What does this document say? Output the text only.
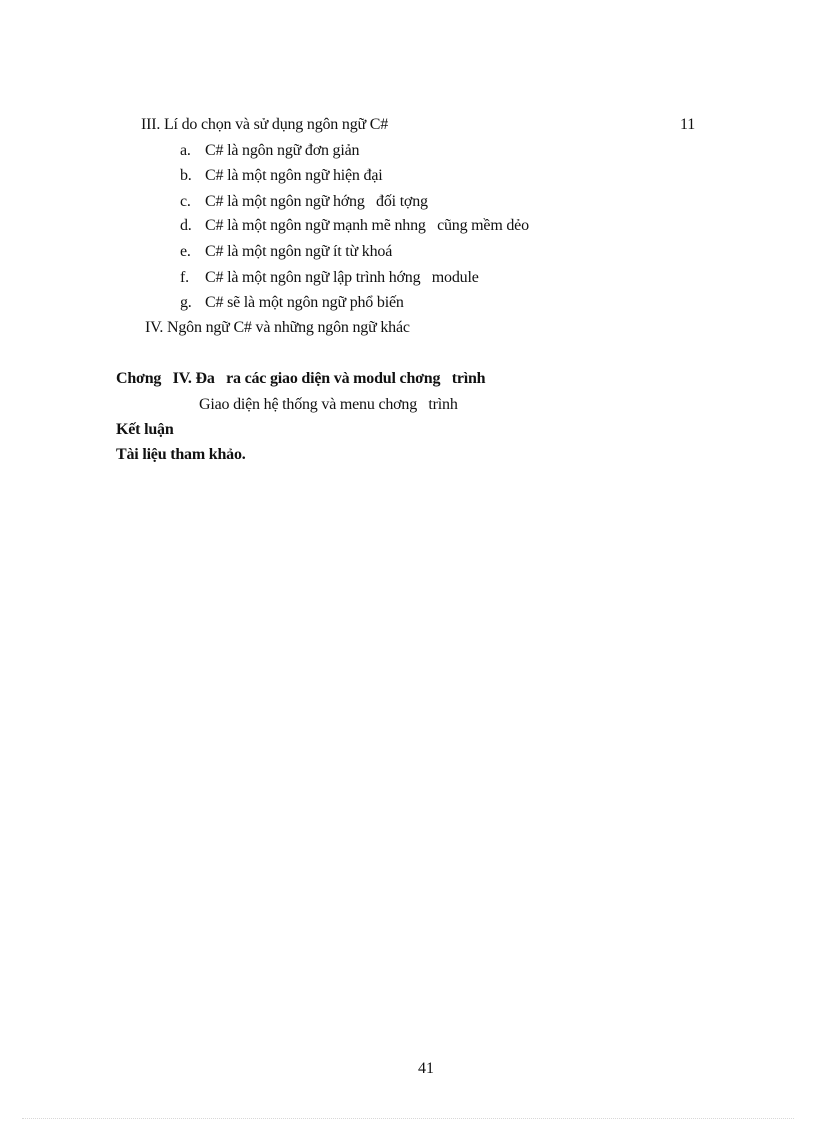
III. Lí do chọn và sử dụng ngôn ngữ C#	11
a. C# là ngôn ngữ đơn giản
b. C# là một ngôn ngữ hiện đại
c. C# là một ngôn ngữ hớng   đối tợng
d. C# là một ngôn ngữ mạnh mẽ nhng   cũng mềm dẻo
e. C# là một ngôn ngữ ít từ khoá
f. C# là một ngôn ngữ lập trình hớng   module
g. C# sẽ là một ngôn ngữ phổ biến
IV. Ngôn ngữ C# và những ngôn ngữ khác
Chơng   IV. Đa   ra các giao diện và modul chơng   trình
Giao diện hệ thống và menu chơng   trình
Kết luận
Tài liệu tham khảo.
41
